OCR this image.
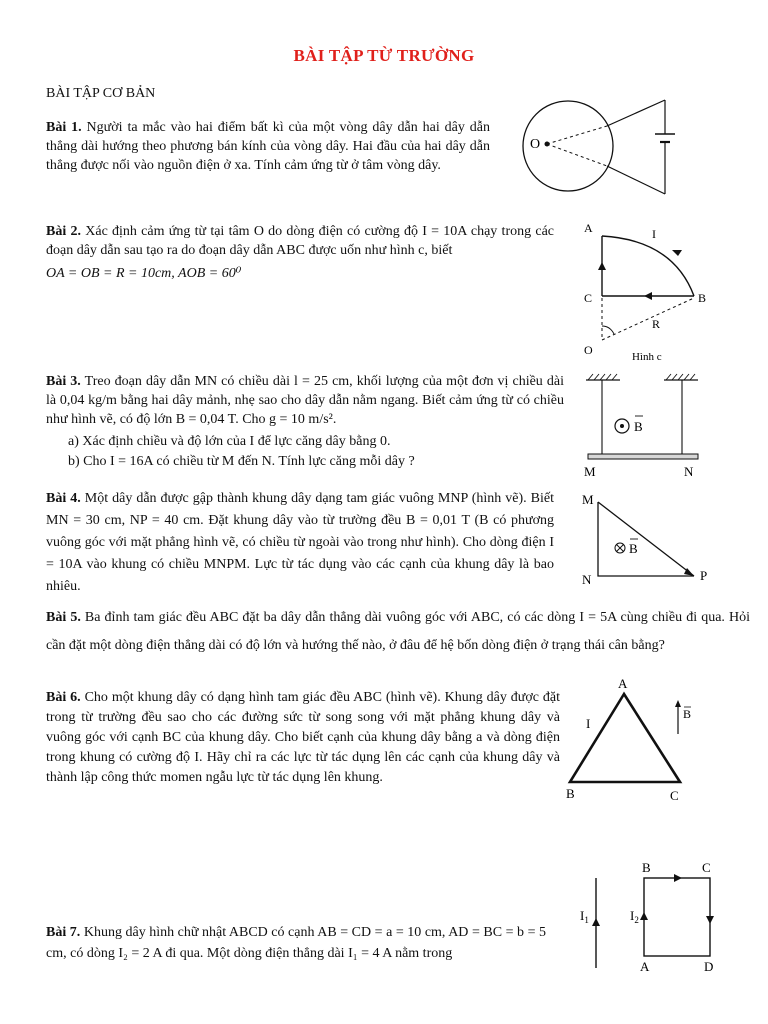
BÀI TẬP TỪ TRƯỜNG
BÀI TẬP CƠ BẢN
Bài 1. Người ta mắc vào hai điểm bất kì của một vòng dây dẫn hai dây dẫn thẳng dài hướng theo phương bán kính của vòng dây. Hai đầu của hai dây dẫn thẳng được nối vào nguồn điện ở xa. Tính cảm ứng từ ở tâm vòng dây.
O
Bài 2. Xác định cảm ứng từ tại tâm O do dòng điện có cường độ I = 10A chạy trong các đoạn dây dẫn sau tạo ra do đoạn dây dẫn ABC được uốn như hình c, biết
OA = OB = R = 10cm, AOB = 60⁰
A
C	B
O
I
R
Hình c
Bài 3. Treo đoạn dây dẫn MN có chiều dài l = 25 cm, khối lượng của một đơn vị chiều dài là 0,04 kg/m bằng hai dây mảnh, nhẹ sao cho dây dẫn nằm ngang. Biết cảm ứng từ có chiều như hình vẽ, có độ lớn B = 0,04 T. Cho g = 10 m/s².
a) Xác định chiều và độ lớn của I để lực căng dây bằng 0.
b) Cho I = 16A có chiều từ M đến N. Tính lực căng mỗi dây ?
B
M	N
Bài 4. Một dây dẫn được gập thành khung dây dạng tam giác vuông MNP (hình vẽ). Biết MN = 30 cm, NP = 40 cm. Đặt khung dây vào từ trường đều B = 0,01 T (B có phương vuông góc với mặt phẳng hình vẽ, có chiều từ ngoài vào trong như hình). Cho dòng điện I = 10A vào khung có chiều MNPM. Lực từ tác dụng vào các cạnh của khung dây là bao nhiêu.
M
N	P
B
Bài 5. Ba đỉnh tam giác đều ABC đặt ba dây dẫn thẳng dài vuông góc với ABC, có các dòng I = 5A cùng chiều đi qua. Hỏi cần đặt một dòng điện thẳng dài có độ lớn và hướng thế nào, ở đâu để hệ bốn dòng điện ở trạng thái cân bằng?
Bài 6. Cho một khung dây có dạng hình tam giác đều ABC (hình vẽ). Khung dây được đặt trong từ trường đều sao cho các đường sức từ song song với mặt phẳng khung dây và vuông góc với cạnh BC của khung dây. Cho biết cạnh của khung dây bằng a và dòng điện trong khung có cường độ I. Hãy chỉ ra các lực từ tác dụng lên các cạnh của khung dây và thành lập công thức momen ngẫu lực từ tác dụng lên khung.
A
B	C
I
B
Bài 7. Khung dây hình chữ nhật ABCD có cạnh AB = CD = a = 10 cm, AD = BC = b = 5 cm, có dòng I₂ = 2 A đi qua. Một dòng điện thẳng dài I₁ = 4 A nằm trong
$I_1$	$I_2$
B	C
A	D
